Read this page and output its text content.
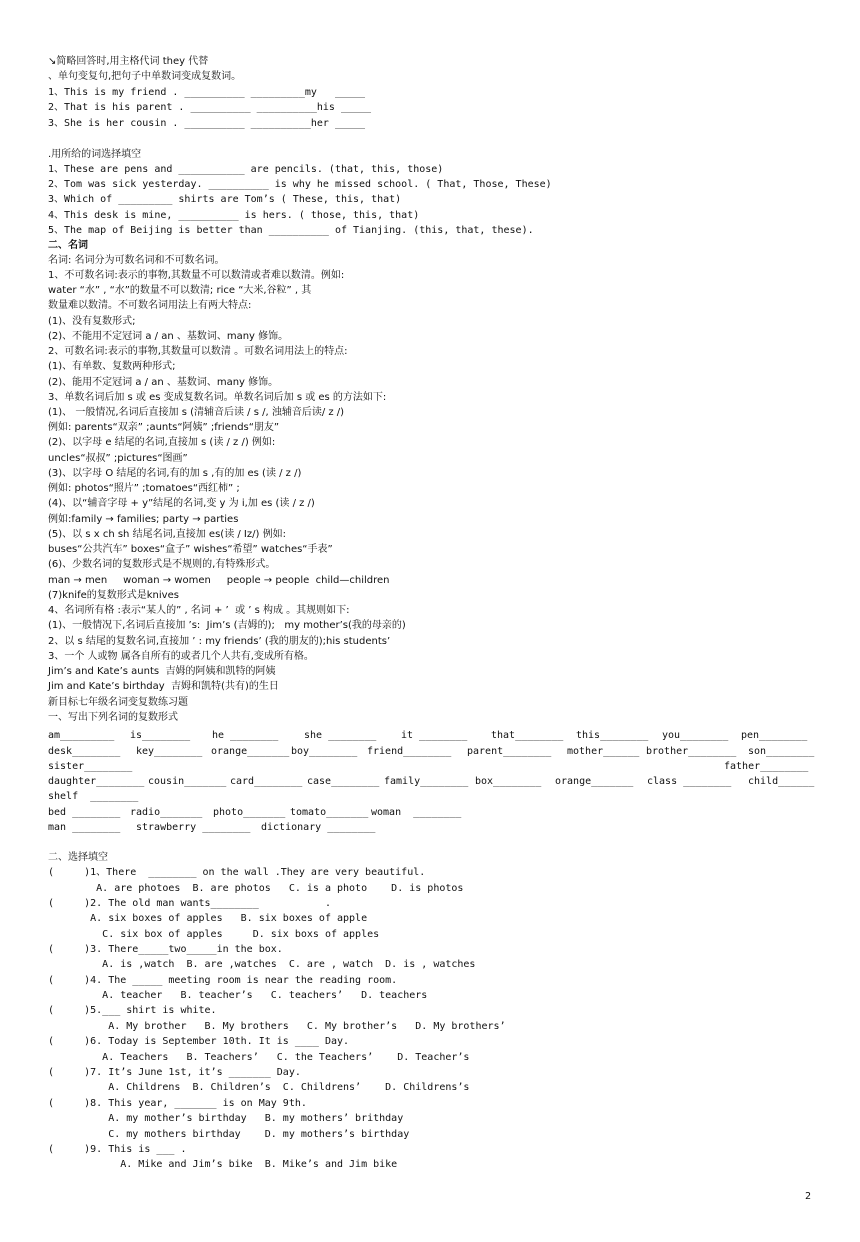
↘简略回答时,用主格代词 they 代替
、单句变复句,把句子中单数词变成复数词。
1、This is my friend . __________ _________my   _____
2、That is his parent . __________ __________his _____
3、She is her cousin . __________ __________her _____
.用所给的词选择填空
1、These are pens and ___________ are pencils. (that, this, those)
2、Tom was sick yesterday. __________ is why he missed school. ( That, Those, These)
3、Which of _________ shirts are Tom’s ( These, this, that)
4、This desk is mine, __________ is hers. ( those, this, that)
5、The map of Beijing is better than __________ of Tianjing. (this, that, these).
二、名词
名词: 名词分为可数名词和不可数名词。
1、不可数名词:表示的事物,其数量不可以数清或者难以数清。例如:
water “水” , “水”的数量不可以数清; rice “大米,谷粒” , 其
数量难以数清。不可数名词用法上有两大特点:
(1)、没有复数形式;
(2)、不能用不定冠词 a / an 、基数词、many 修饰。
2、可数名词:表示的事物,其数量可以数清 。可数名词用法上的特点:
(1)、有单数、复数两种形式;
(2)、能用不定冠词 a / an 、基数词、many 修饰。
3、单数名词后加 s 或 es 变成复数名词。单数名词后加 s 或 es 的方法如下:
(1)、 一般情况,名词后直接加 s (清辅音后读 / s /, 浊辅音后读/ z /)
例如: parents“双亲” ;aunts“阿姨” ;friends“朋友”
(2)、以字母 e 结尾的名词,直接加 s (读 / z /) 例如:
uncles“叔叔” ;pictures“图画”
(3)、以字母 O 结尾的名词,有的加 s ,有的加 es (读 / z /)
例如: photos“照片” ;tomatoes“西红柿” ;
(4)、以“辅音字母 + y”结尾的名词,变 y 为 i,加 es (读 / z /)
例如:family → families; party → parties
(5)、以 s x ch sh 结尾名词,直接加 es(读 / Iz/) 例如:
buses“公共汽车” boxes“盒子” wishes“希望” watches“手表”
(6)、少数名词的复数形式是不规则的,有特殊形式。
man → men     woman → women     people → people  child—children
(7)knife的复数形式是knives
4、名词所有格 :表示“某人的” , 名词 + ’  或 ’ s 构成 。其规则如下:
(1)、一般情况下,名词后直接加 ’s:  Jim’s (吉姆的);   my mother’s(我的母亲的)
2、以 s 结尾的复数名词,直接加 ’ : my friends’ (我的朋友的);his students’
3、一个 人或物 属各自所有的或者几个人共有,变成所有格。
Jim’s and Kate’s aunts  吉姆的阿姨和凯特的阿姨
Jim and Kate’s birthday  吉姆和凯特(共有)的生日
新目标七年级名词变复数练习题
一、写出下列名词的复数形式
am_________ is________ he ________	she ________ it ________ that________ this________ you________ pen________
desk________ key________ orange_______ boy________ friend________ parent________ mother______ brother________ son________
sister________	father________
daughter________ cousin_______ card________ case________ family________ box________ orange_______ class ________ child______
shelf  ________
bed ________ radio_______ photo_______ tomato_______ woman  ________
man ________ strawberry ________ dictionary ________
二、选择填空
(     )1、There  ________ on the wall .They are very beautiful.
A. are photoes  B. are photos   C. is a photo    D. is photos
(     )2. The old man wants________           .
A. six boxes of apples   B. six boxes of apple
C. six box of apples     D. six boxs of apples
(     )3. There_____two_____in the box.
A. is ,watch  B. are ,watches  C. are , watch  D. is , watches
(     )4. The _____ meeting room is near the reading room.
A. teacher   B. teacher’s   C. teachers’   D. teachers
(     )5.___ shirt is white.
A. My brother   B. My brothers   C. My brother’s   D. My brothers’
(     )6. Today is September 10th. It is ____ Day.
A. Teachers   B. Teachers’   C. the Teachers’    D. Teacher’s
(     )7. It’s June 1st, it’s _______ Day.
A. Childrens  B. Children’s  C. Childrens’    D. Childrens’s
(     )8. This year, _______ is on May 9th.
A. my mother’s birthday   B. my mothers’ brithday
C. my mothers birthday    D. my mothers’s birthday
(     )9. This is ___ .
A. Mike and Jim’s bike  B. Mike’s and Jim bike
2
